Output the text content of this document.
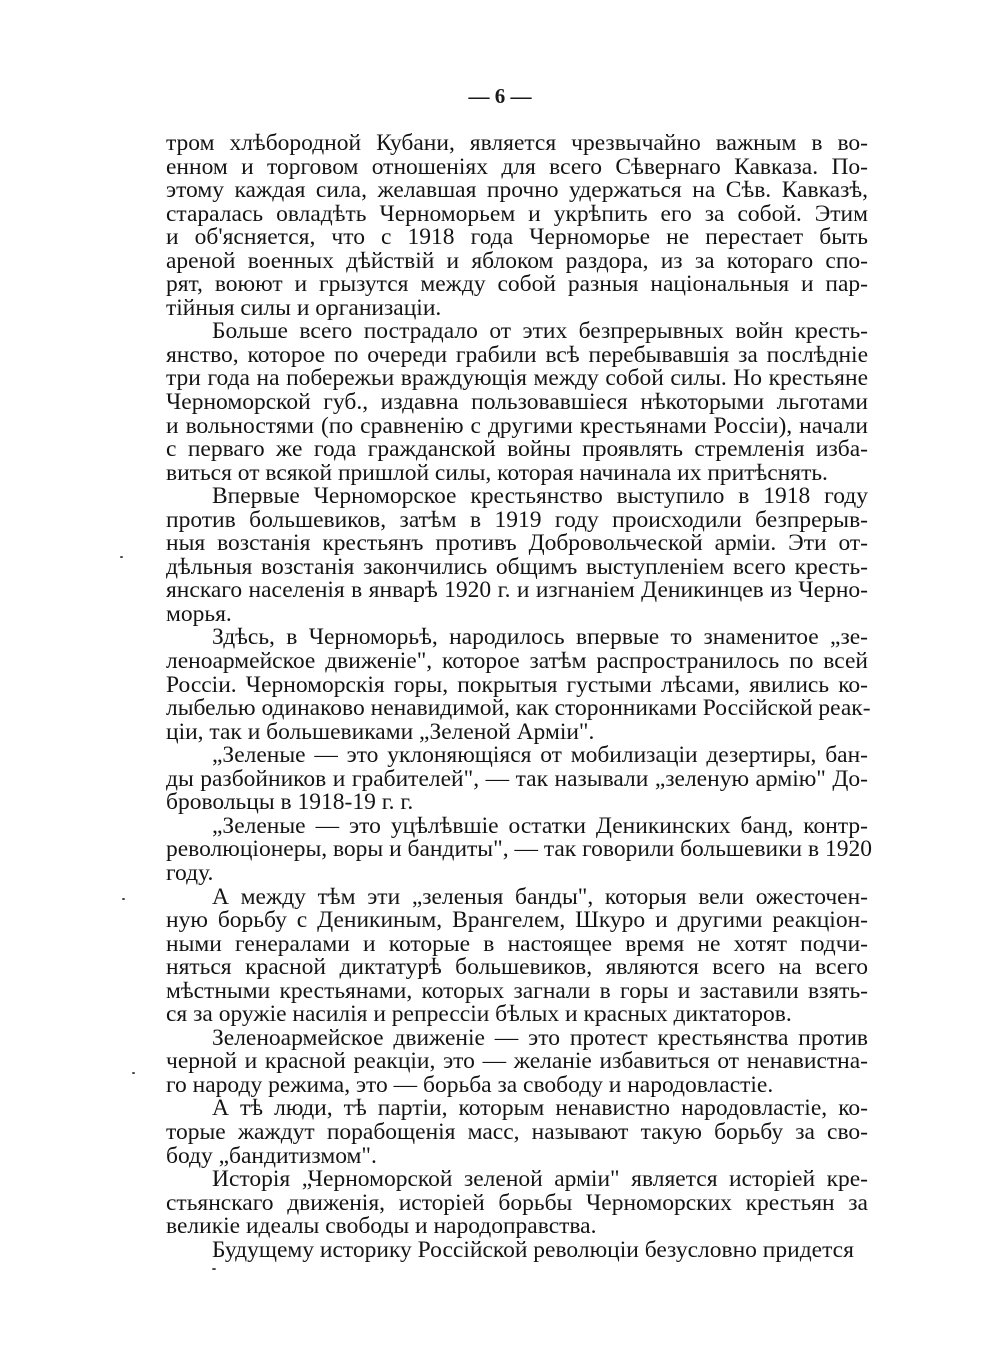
— 6 —
тром хлѣбородной Кубани, является чрезвычайно важным в во-
енном и торговом отношеніях для всего Сѣвернаго Кавказа. По-
этому каждая сила, желавшая прочно удержаться на Сѣв. Кавказѣ,
старалась овладѣть Черноморьем и укрѣпить его за собой. Этим
и об'ясняется, что с 1918 года Черноморье не перестает быть
ареной военных дѣйствій и яблоком раздора, из за котораго спо-
рят, воюют и грызутся между собой разныя національныя и пар-
тійныя силы и организаціи.
Больше всего пострадало от этих безпрерывных войн кресть-
янство, которое по очереди грабили всѣ перебывавшія за послѣдніе
три года на побережьи враждующія между собой силы. Но крестьяне
Черноморской губ., издавна пользовавшіеся нѣкоторыми льготами
и вольностями (по сравненію с другими крестьянами Россіи), начали
с перваго же года гражданской войны проявлять стремленія изба-
виться от всякой пришлой силы, которая начинала их притѣснять.
Впервые Черноморское крестьянство выступило в 1918 году
против большевиков, затѣм в 1919 году происходили безпрерыв-
ныя возстанія крестьянъ противъ Добровольческой арміи. Эти от-
дѣльныя возстанія закончились общимъ выступленіем всего кресть-
янскаго населенія в январѣ 1920 г. и изгнаніем Деникинцев из Черно-
морья.
Здѣсь, в Черноморьѣ, народилось впервые то знаменитое „зе-
леноармейское движеніе", которое затѣм распространилось по всей
Россіи. Черноморскія горы, покрытыя густыми лѣсами, явились ко-
лыбелью одинаково ненавидимой, как сторонниками Россійской реак-
ціи, так и большевиками „Зеленой Арміи".
„Зеленые — это уклоняющіяся от мобилизаціи дезертиры, бан-
ды разбойников и грабителей", — так называли „зеленую армію" До-
бровольцы в 1918-19 г. г.
„Зеленые — это уцѣлѣвшіе остатки Деникинских банд, контр-
революціонеры, воры и бандиты", — так говорили большевики в 1920
году.
А между тѣм эти „зеленыя банды", которыя вели ожесточен-
ную борьбу с Деникиным, Врангелем, Шкуро и другими реакціон-
ными генералами и которые в настоящее время не хотят подчи-
няться красной диктатурѣ большевиков, являются всего на всего
мѣстными крестьянами, которых загнали в горы и заставили взять-
ся за оружіе насилія и репрессіи бѣлых и красных диктаторов.
Зеленоармейское движеніе — это протест крестьянства против
черной и красной реакціи, это — желаніе избавиться от ненавистна-
го народу режима, это — борьба за свободу и народовластіе.
А тѣ люди, тѣ партіи, которым ненавистно народовластіе, ко-
торые жаждут порабощенія масс, называют такую борьбу за сво-
боду „бандитизмом".
Исторія „Черноморской зеленой арміи" является исторіей кре-
стьянскаго движенія, исторіей борьбы Черноморских крестьян за
великіе идеалы свободы и народоправства.
Будущему историку Россійской революціи безусловно придется
